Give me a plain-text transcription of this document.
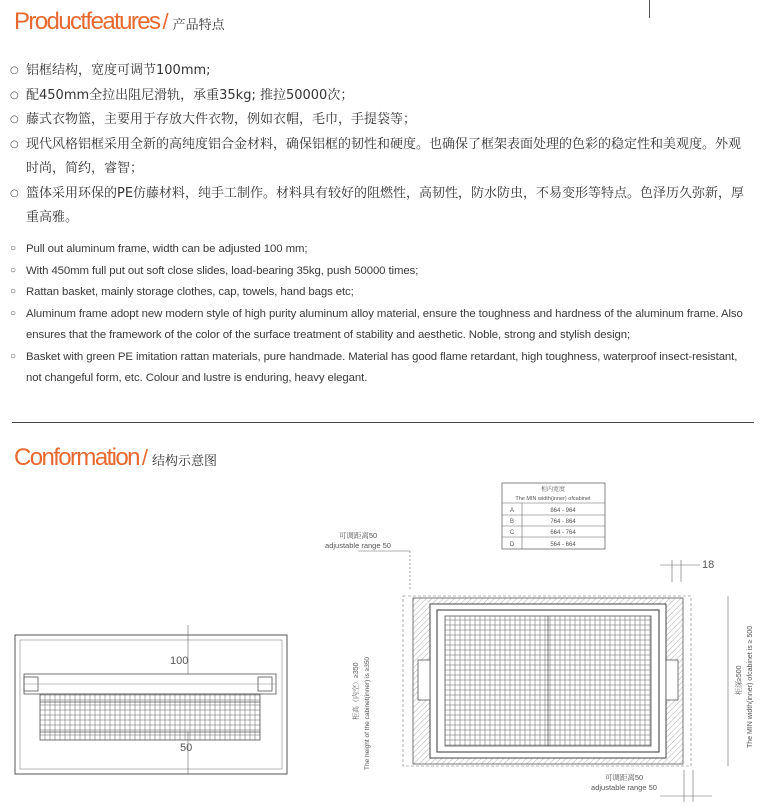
Productfeatures / 产品特点
○ 铝框结构，宽度可调节100mm;
○ 配450mm全拉出阻尼滑轨，承重35kg; 推拉50000次；
○ 藤式衣物篮，主要用于存放大件衣物，例如衣帽，毛巾，手提袋等；
○ 现代风格铝框采用全新的高纯度铝合金材料，确保铝框的韧性和硬度。也确保了框架表面处理的色彩的稳定性和美观度。外观时尚，简约，睿智；
○ 篮体采用环保的PE仿藤材料，纯手工制作。材料具有较好的阻燃性，高韧性，防水防虫，不易变形等特点。色泽历久弥新，厚重高雅。
○ Pull out aluminum frame, width can be adjusted 100 mm;
○ With 450mm full put out soft close slides, load-bearing 35kg, push 50000 times;
○ Rattan basket, mainly storage clothes, cap, towels, hand bags etc;
○ Aluminum frame adopt new modern style of high purity aluminum alloy material, ensure the toughness and hardness of the aluminum frame. Also ensures that the framework of the color of the surface treatment of stability and aesthetic. Noble, strong and stylish design;
○ Basket with green PE imitation rattan materials, pure handmade. Material has good flame retardant, high toughness, waterproof insect-resistant, not changeful form, etc. Colour and lustre is enduring, heavy elegant.
Conformation / 结构示意图
柜内宽度
The MIN width(inner) ofcabinet
A	864 - 964
B	764 - 864
C	664 - 764
D	564 - 664
可调距离50
adjustable range 50
18
100
50
柜高（内空）≥350 The height of the cabinet(inner) is ≥350	柜深≥500 The MIN width(inner) ofcabinet is ≥ 500
可调距离50
adjustable range 50
